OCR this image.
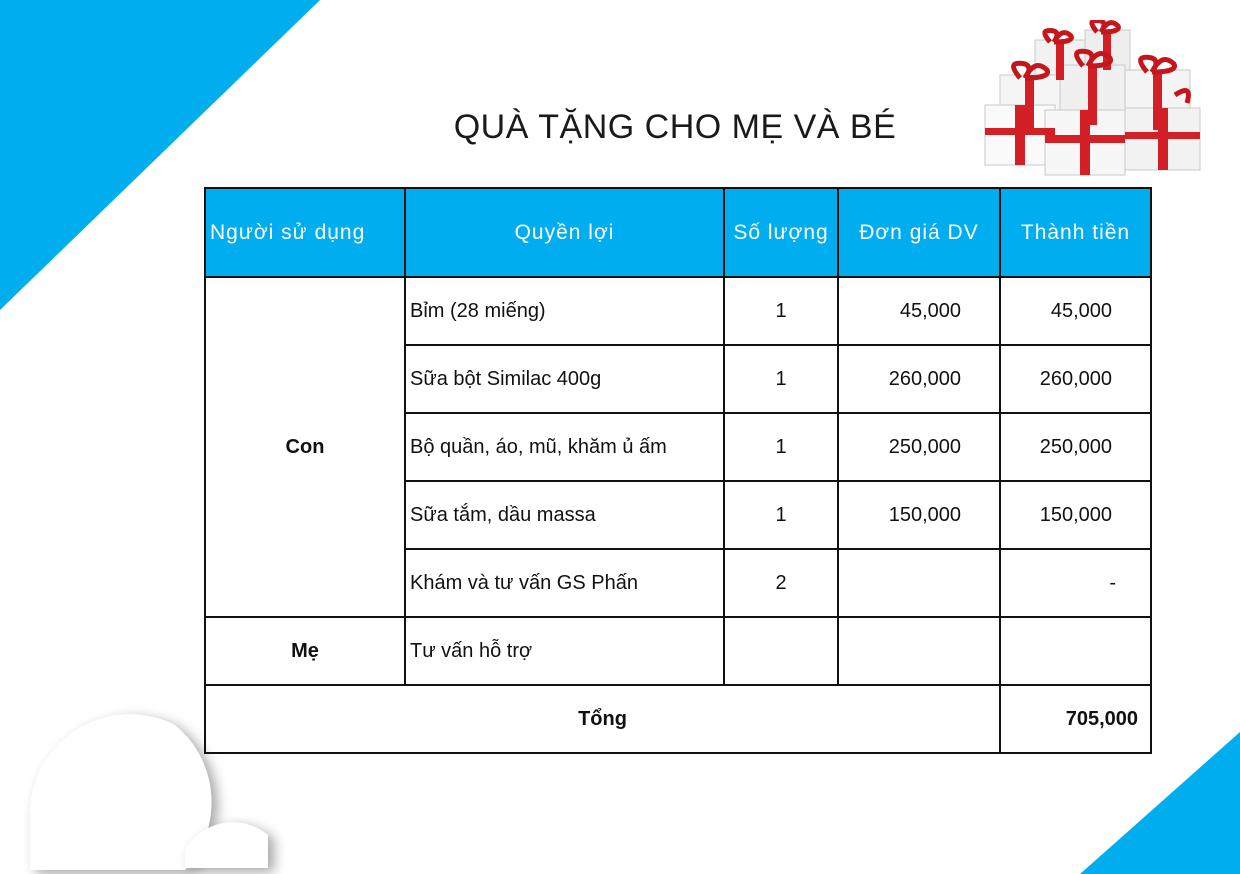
QUÀ TẶNG CHO MẸ VÀ BÉ
Người sử dụng	Quyền lợi	Số lượng	Đơn giá DV	Thành tiền
Con	Bỉm (28 miếng)	1	45,000	45,000
	Sữa bột Similac 400g	1	260,000	260,000
	Bộ quần, áo, mũ, khăm ủ ấm	1	250,000	250,000
	Sữa tắm, dầu massa	1	150,000	150,000
	Khám và tư vấn GS Phấn	2		-
Mẹ	Tư vấn hỗ trợ			
Tổng				705,000
